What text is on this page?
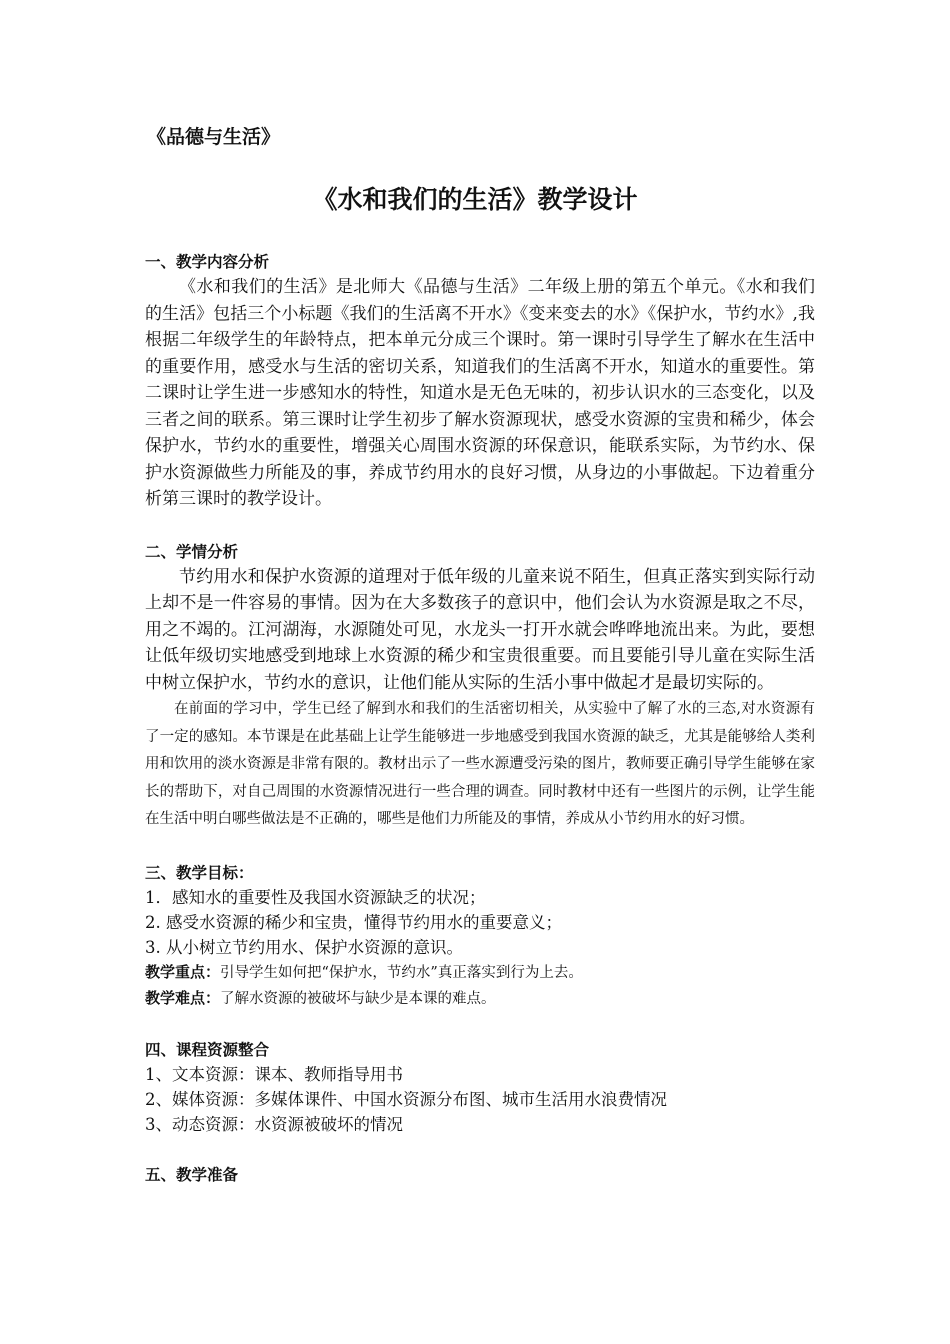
《品德与生活》

《水和我们的生活》教学设计
一、教学内容分析

《水和我们的生活》是北师大《品德与生活》二年级上册的第五个单元。《水和我们的生活》包括三个小标题《我们的生活离不开水》《变来变去的水》《保护水，节约水》,我根据二年级学生的年龄特点，把本单元分成三个课时。第一课时引导学生了解水在生活中的重要作用，感受水与生活的密切关系，知道我们的生活离不开水，知道水的重要性。第二课时让学生进一步感知水的特性，知道水是无色无味的，初步认识水的三态变化，以及三者之间的联系。第三课时让学生初步了解水资源现状，感受水资源的宝贵和稀少，体会保护水，节约水的重要性，增强关心周围水资源的环保意识，能联系实际，为节约水、保护水资源做些力所能及的事，养成节约用水的良好习惯，从身边的小事做起。下边着重分析第三课时的教学设计。

二、学情分析

节约用水和保护水资源的道理对于低年级的儿童来说不陌生，但真正落实到实际行动上却不是一件容易的事情。因为在大多数孩子的意识中，他们会认为水资源是取之不尽，用之不竭的。江河湖海，水源随处可见，水龙头一打开水就会哗哗地流出来。为此，要想让低年级切实地感受到地球上水资源的稀少和宝贵很重要。而且要能引导儿童在实际生活中树立保护水，节约水的意识，让他们能从实际的生活小事中做起才是最切实际的。

在前面的学习中，学生已经了解到水和我们的生活密切相关，从实验中了解了水的三态,对水资源有了一定的感知。本节课是在此基础上让学生能够进一步地感受到我国水资源的缺乏，尤其是能够给人类利用和饮用的淡水资源是非常有限的。教材出示了一些水源遭受污染的图片，教师要正确引导学生能够在家长的帮助下，对自己周围的水资源情况进行一些合理的调查。同时教材中还有一些图片的示例，让学生能在生活中明白哪些做法是不正确的，哪些是他们力所能及的事情，养成从小节约用水的好习惯。

三、教学目标：

1．感知水的重要性及我国水资源缺乏的状况；

2. 感受水资源的稀少和宝贵，懂得节约用水的重要意义；

3. 从小树立节约用水、保护水资源的意识。

教学重点：引导学生如何把“保护水，节约水”真正落实到行为上去。

教学难点：了解水资源的被破坏与缺少是本课的难点。

四、课程资源整合

1、文本资源：课本、教师指导用书

2、媒体资源：多媒体课件、中国水资源分布图、城市生活用水浪费情况

3、动态资源：水资源被破坏的情况

五、教学准备
